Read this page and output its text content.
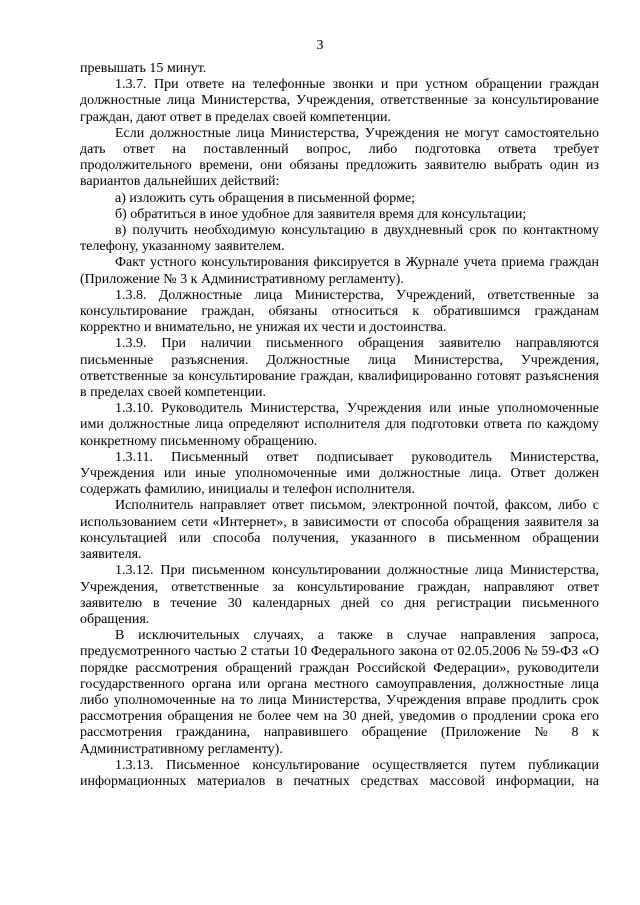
3

превышать 15 минут.

1.3.7. При ответе на телефонные звонки и при устном обращении граждан должностные лица Министерства, Учреждения, ответственные за консультирование граждан, дают ответ в пределах своей компетенции.

Если должностные лица Министерства, Учреждения не могут самостоятельно дать ответ на поставленный вопрос, либо подготовка ответа требует продолжительного времени, они обязаны предложить заявителю выбрать один из вариантов дальнейших действий:

а) изложить суть обращения в письменной форме;

б) обратиться в иное удобное для заявителя время для консультации;

в) получить необходимую консультацию в двухдневный срок по контактному телефону, указанному заявителем.

Факт устного консультирования фиксируется в Журнале учета приема граждан (Приложение № 3 к Административному регламенту).

1.3.8. Должностные лица Министерства, Учреждений, ответственные за консультирование граждан, обязаны относиться к обратившимся гражданам корректно и внимательно, не унижая их чести и достоинства.

1.3.9. При наличии письменного обращения заявителю направляются письменные разъяснения. Должностные лица Министерства, Учреждения, ответственные за консультирование граждан, квалифицированно готовят разъяснения в пределах своей компетенции.

1.3.10. Руководитель Министерства, Учреждения или иные уполномоченные ими должностные лица определяют исполнителя для подготовки ответа по каждому конкретному письменному обращению.

1.3.11. Письменный ответ подписывает руководитель Министерства, Учреждения или иные уполномоченные ими должностные лица. Ответ должен содержать фамилию, инициалы и телефон исполнителя.

Исполнитель направляет ответ письмом, электронной почтой, факсом, либо с использованием сети «Интернет», в зависимости от способа обращения заявителя за консультацией или способа получения, указанного в письменном обращении заявителя.

1.3.12. При письменном консультировании должностные лица Министерства, Учреждения, ответственные за консультирование граждан, направляют ответ заявителю в течение 30 календарных дней со дня регистрации письменного обращения.

В исключительных случаях, а также в случае направления запроса, предусмотренного частью 2 статьи 10 Федерального закона от 02.05.2006 № 59-ФЗ «О порядке рассмотрения обращений граждан Российской Федерации», руководители государственного органа или органа местного самоуправления, должностные лица либо уполномоченные на то лица Министерства, Учреждения вправе продлить срок рассмотрения обращения не более чем на 30 дней, уведомив о продлении срока его рассмотрения гражданина, направившего обращение (Приложение № 8 к Административному регламенту).

1.3.13. Письменное консультирование осуществляется путем публикации информационных материалов в печатных средствах массовой информации, на
